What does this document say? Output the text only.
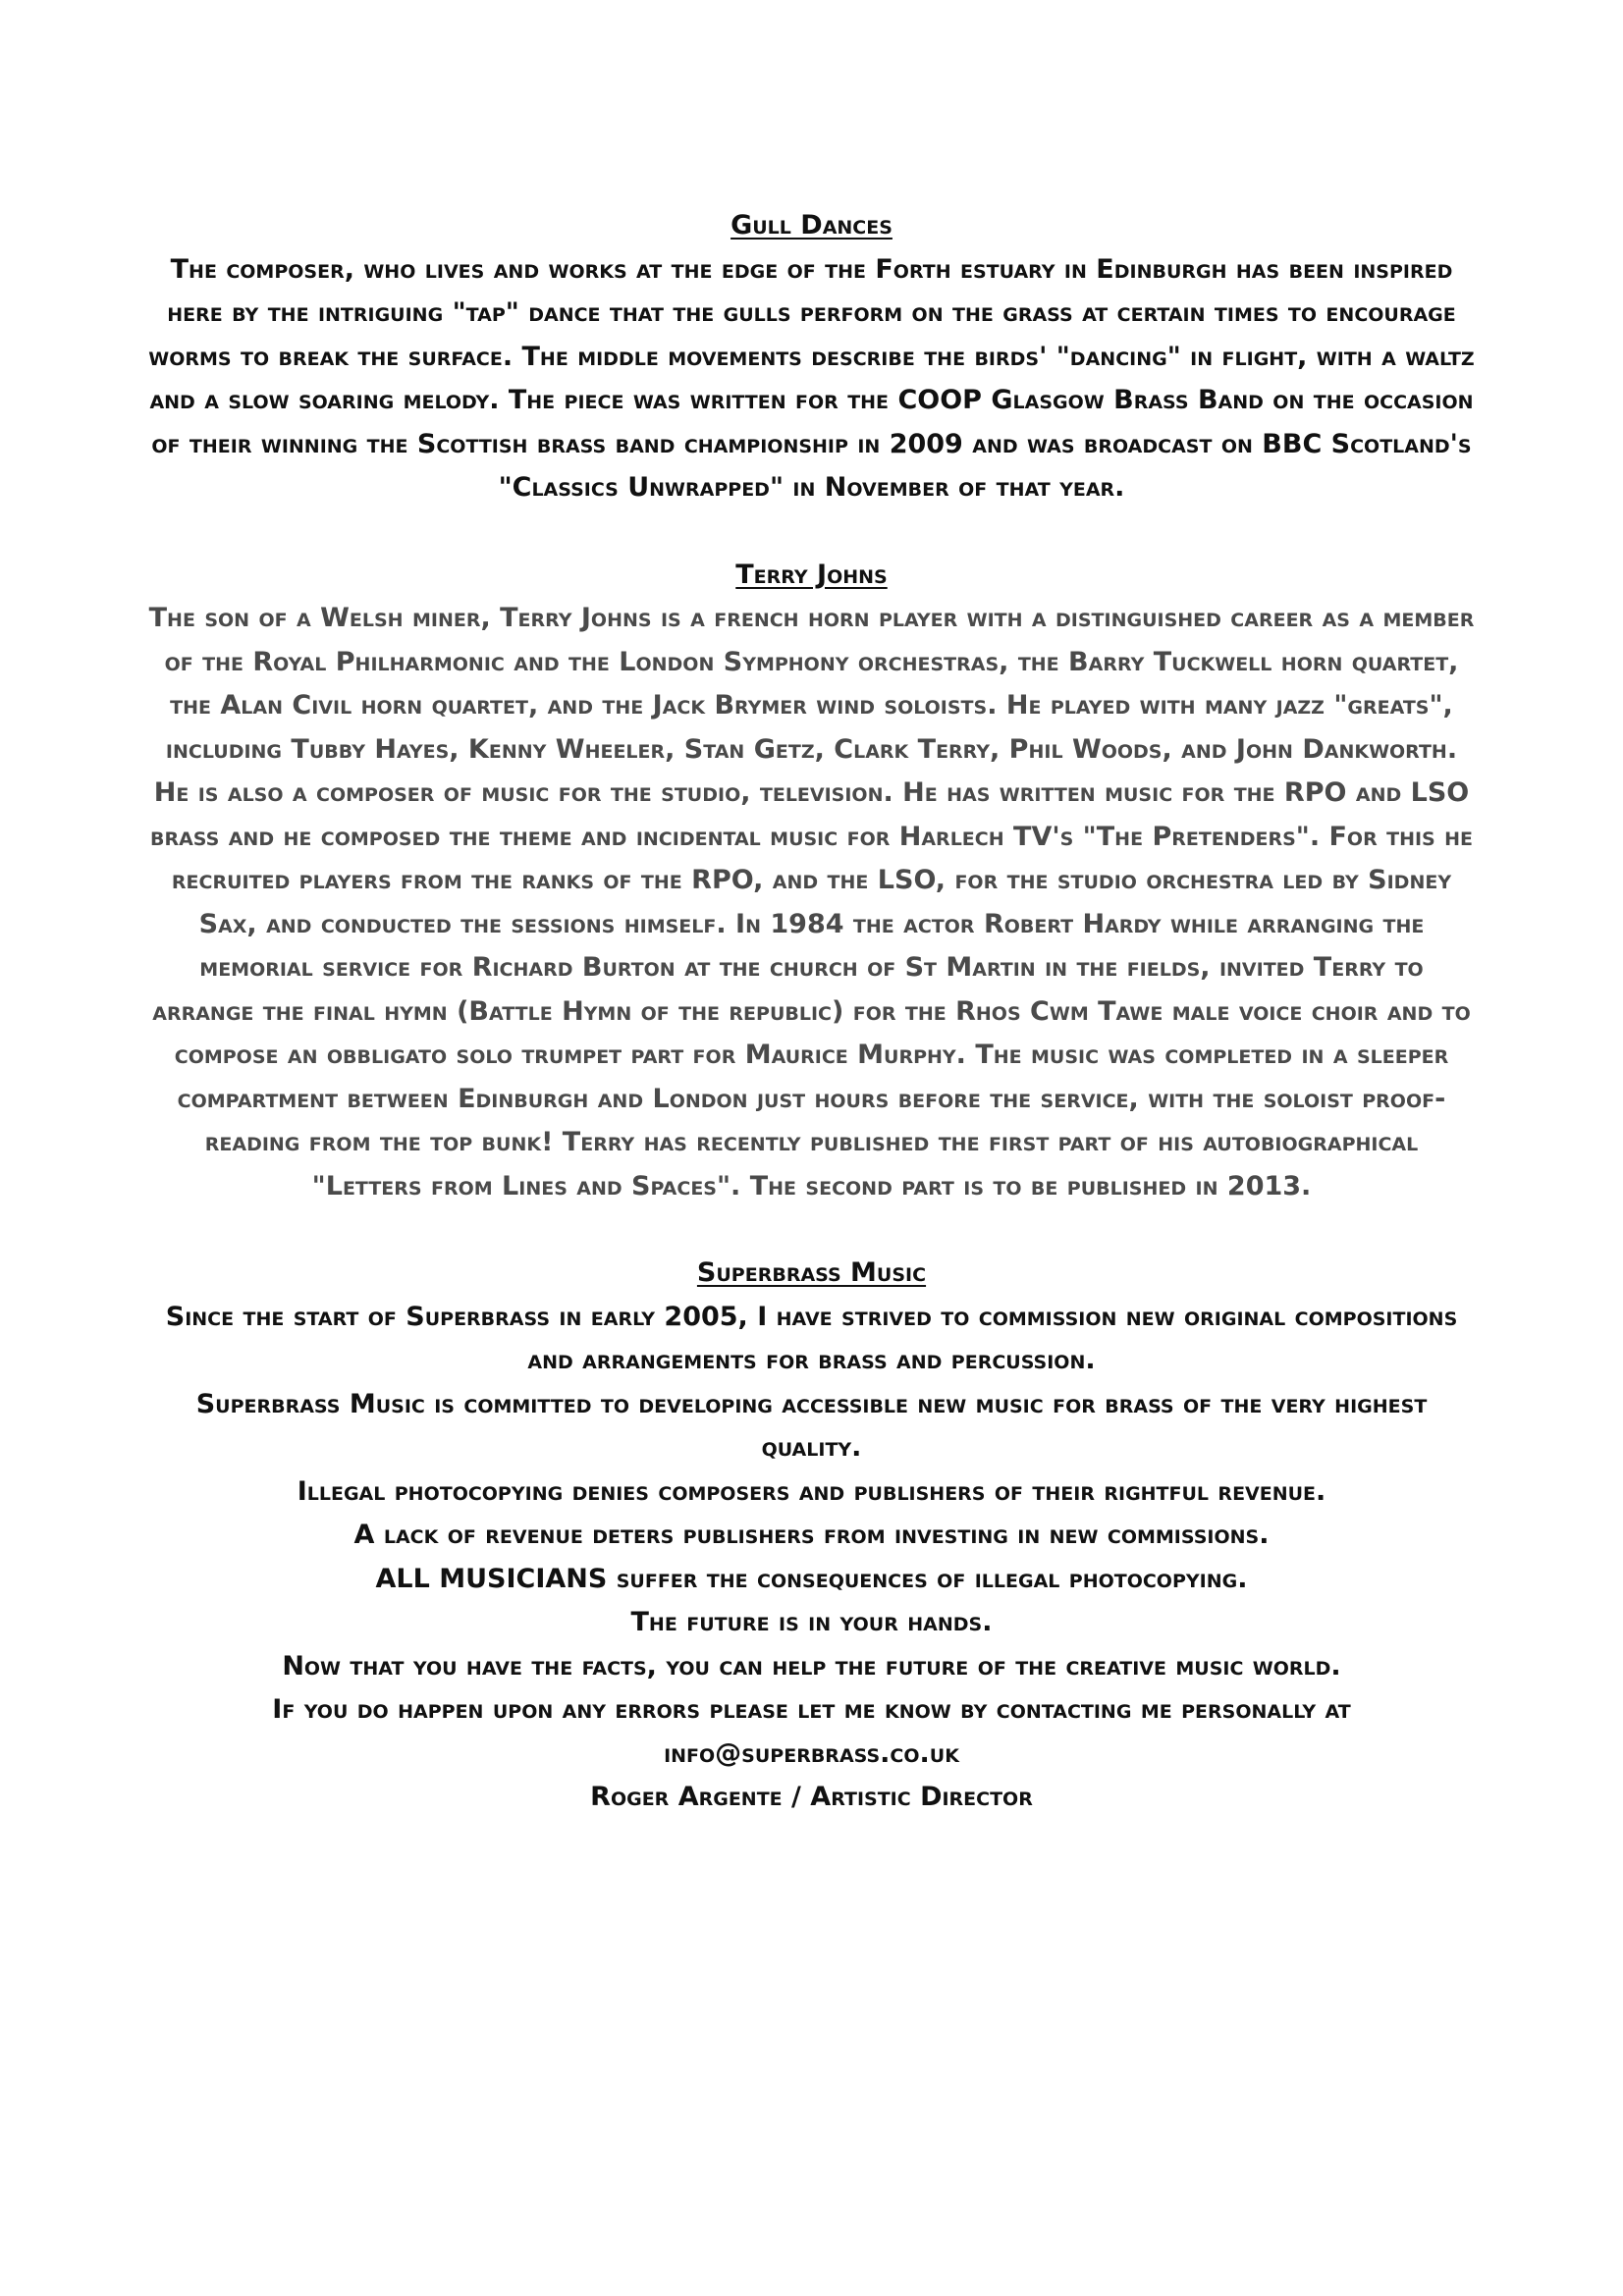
Gull Dances

The composer, who lives and works at the edge of the Forth estuary in Edinburgh has been inspired here by the intriguing "tap" dance that the gulls perform on the grass at certain times to encourage worms to break the surface. The middle movements describe the birds' "dancing" in flight, with a waltz and a slow soaring melody. The piece was written for the COOP Glasgow Brass Band on the occasion of their winning the Scottish brass band championship in 2009 and was broadcast on BBC Scotland's "Classics Unwrapped" in November of that year.

Terry Johns

The son of a Welsh miner, Terry Johns is a french horn player with a distinguished career as a member of the Royal Philharmonic and the London Symphony orchestras, the Barry Tuckwell horn quartet, the Alan Civil horn quartet, and the Jack Brymer wind soloists. He played with many jazz "greats", including Tubby Hayes, Kenny Wheeler, Stan Getz, Clark Terry, Phil Woods, and John Dankworth. He is also a composer of music for the studio, television. He has written music for the RPO and LSO brass and he composed the theme and incidental music for Harlech TV's "The Pretenders". For this he recruited players from the ranks of the RPO, and the LSO, for the studio orchestra led by Sidney Sax, and conducted the sessions himself. In 1984 the actor Robert Hardy while arranging the memorial service for Richard Burton at the church of St Martin in the fields, invited Terry to arrange the final hymn (Battle Hymn of the republic) for the Rhos Cwm Tawe male voice choir and to compose an obbligato solo trumpet part for Maurice Murphy. The music was completed in a sleeper compartment between Edinburgh and London just hours before the service, with the soloist proof-reading from the top bunk! Terry has recently published the first part of his autobiographical "Letters from Lines and Spaces". The second part is to be published in 2013.

Superbrass Music

Since the start of Superbrass in early 2005, I have strived to commission new original compositions and arrangements for brass and percussion.

Superbrass Music is committed to developing accessible new music for brass of the very highest quality.

Illegal photocopying denies composers and publishers of their rightful revenue.

A lack of revenue deters publishers from investing in new commissions.

ALL MUSICIANS suffer the consequences of illegal photocopying.

The future is in your hands.

Now that you have the facts, you can help the future of the creative music world.

If you do happen upon any errors please let me know by contacting me personally at info@superbrass.co.uk

Roger Argente / Artistic Director
